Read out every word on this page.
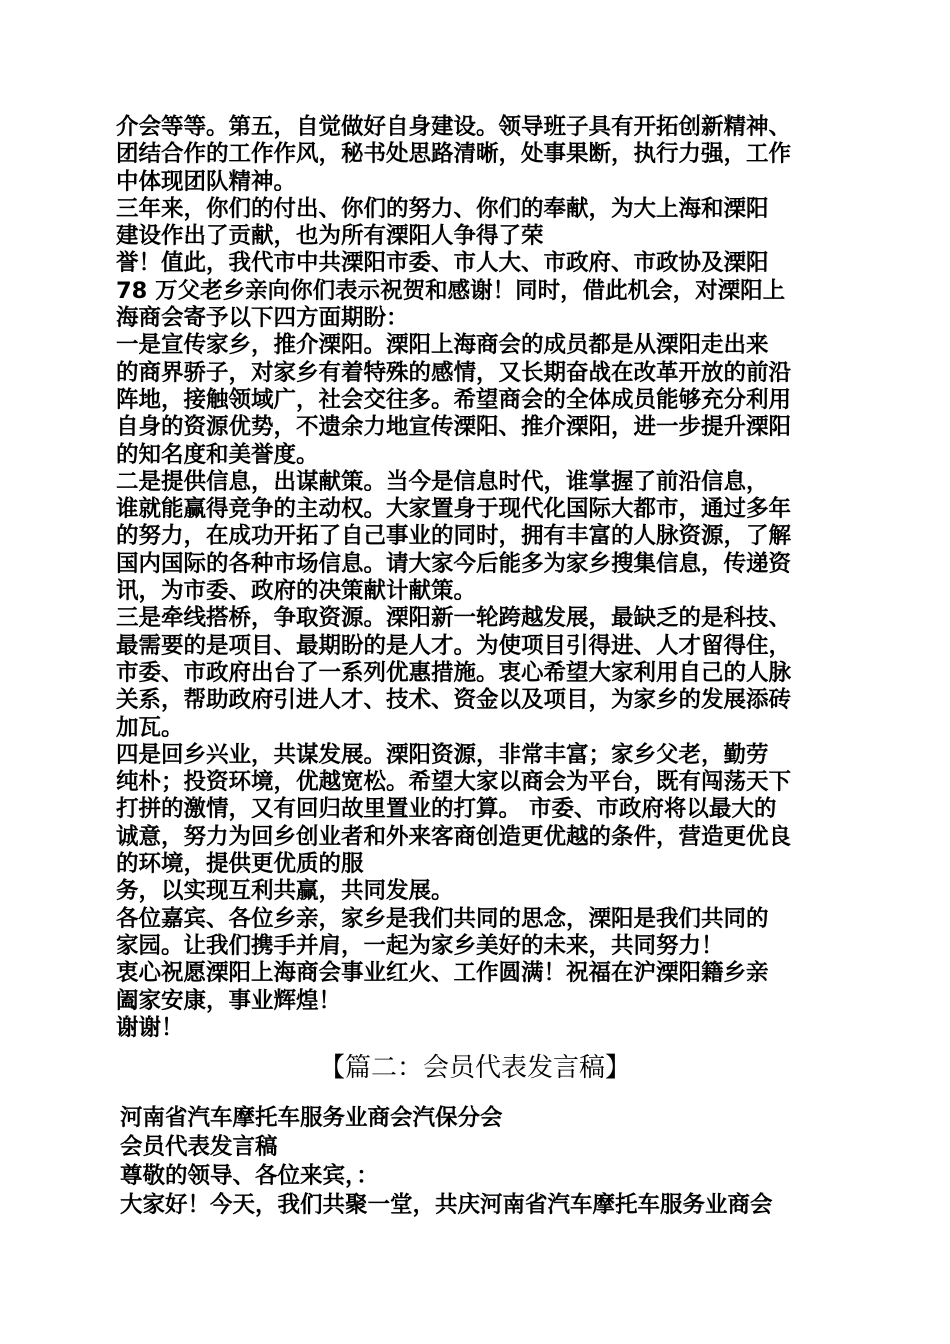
介会等等。第五，自觉做好自身建设。领导班子具有开拓创新精神、

团结合作的工作作风，秘书处思路清晰，处事果断，执行力强，工作

中体现团队精神。

三年来，你们的付出、你们的努力、你们的奉献，为大上海和溧阳

建设作出了贡献，也为所有溧阳人争得了荣

誉！值此，我代市中共溧阳市委、市人大、市政府、市政协及溧阳

78 万父老乡亲向你们表示祝贺和感谢！同时，借此机会，对溧阳上

海商会寄予以下四方面期盼：

一是宣传家乡，推介溧阳。溧阳上海商会的成员都是从溧阳走出来

的商界骄子，对家乡有着特殊的感情，又长期奋战在改革开放的前沿

阵地，接触领域广，社会交往多。希望商会的全体成员能够充分利用

自身的资源优势，不遗余力地宣传溧阳、推介溧阳，进一步提升溧阳

的知名度和美誉度。

二是提供信息，出谋献策。当今是信息时代，谁掌握了前沿信息，

谁就能赢得竞争的主动权。大家置身于现代化国际大都市，通过多年

的努力，在成功开拓了自己事业的同时，拥有丰富的人脉资源，了解

国内国际的各种市场信息。请大家今后能多为家乡搜集信息，传递资

讯，为市委、政府的决策献计献策。

三是牵线搭桥，争取资源。溧阳新一轮跨越发展，最缺乏的是科技、

最需要的是项目、最期盼的是人才。为使项目引得进、人才留得住，

市委、市政府出台了一系列优惠措施。衷心希望大家利用自己的人脉

关系，帮助政府引进人才、技术、资金以及项目，为家乡的发展添砖

加瓦。

四是回乡兴业，共谋发展。溧阳资源，非常丰富；家乡父老，勤劳

纯朴；投资环境，优越宽松。希望大家以商会为平台，既有闯荡天下

打拼的激情，又有回归故里置业的打算。 市委、市政府将以最大的

诚意，努力为回乡创业者和外来客商创造更优越的条件，营造更优良

的环境，提供更优质的服

务，以实现互利共赢，共同发展。

各位嘉宾、各位乡亲，家乡是我们共同的思念，溧阳是我们共同的

家园。让我们携手并肩，一起为家乡美好的未来，共同努力！

衷心祝愿溧阳上海商会事业红火、工作圆满！祝福在沪溧阳籍乡亲

阖家安康，事业辉煌！

谢谢！

【篇二：会员代表发言稿】

河南省汽车摩托车服务业商会汽保分会

会员代表发言稿

尊敬的领导、各位来宾，：

大家好！今天，我们共聚一堂，共庆河南省汽车摩托车服务业商会
